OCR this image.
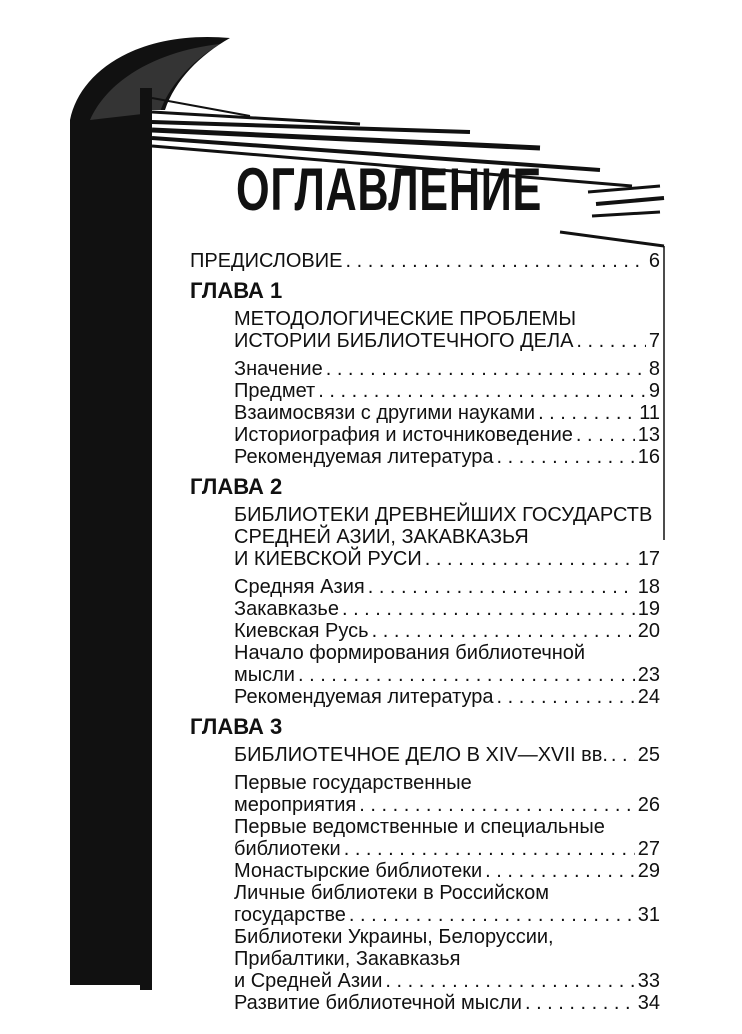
ОГЛАВЛЕНИЕ
ПРЕДИСЛОВИЕ . . .	6
ГЛАВА 1
МЕТОДОЛОГИЧЕСКИЕ ПРОБЛЕМЫ
ИСТОРИИ БИБЛИОТЕЧНОГО ДЕЛА . . .	7
Значение . . .	8
Предмет . . .	9
Взаимосвязи с другими науками . . .	11
Историография и источниковедение . . .	13
Рекомендуемая литература . . .	16
ГЛАВА 2
БИБЛИОТЕКИ ДРЕВНЕЙШИХ ГОСУДАРСТВ
СРЕДНЕЙ АЗИИ, ЗАКАВКАЗЬЯ
И КИЕВСКОЙ РУСИ . . .	17
Средняя Азия . . .	18
Закавказье . . .	19
Киевская Русь . . .	20
Начало формирования библиотечной
мысли . . .	23
Рекомендуемая литература . . .	24
ГЛАВА 3
БИБЛИОТЕЧНОЕ ДЕЛО В XIV—XVII вв. . . . 25
Первые государственные
мероприятия . . .	26
Первые ведомственные и специальные
библиотеки . . .	27
Монастырские библиотеки . . .	29
Личные библиотеки в Российском
государстве . . .	31
Библиотеки Украины, Белоруссии,
Прибалтики, Закавказья
и Средней Азии . . .	33
Развитие библиотечной мысли . . .	34
